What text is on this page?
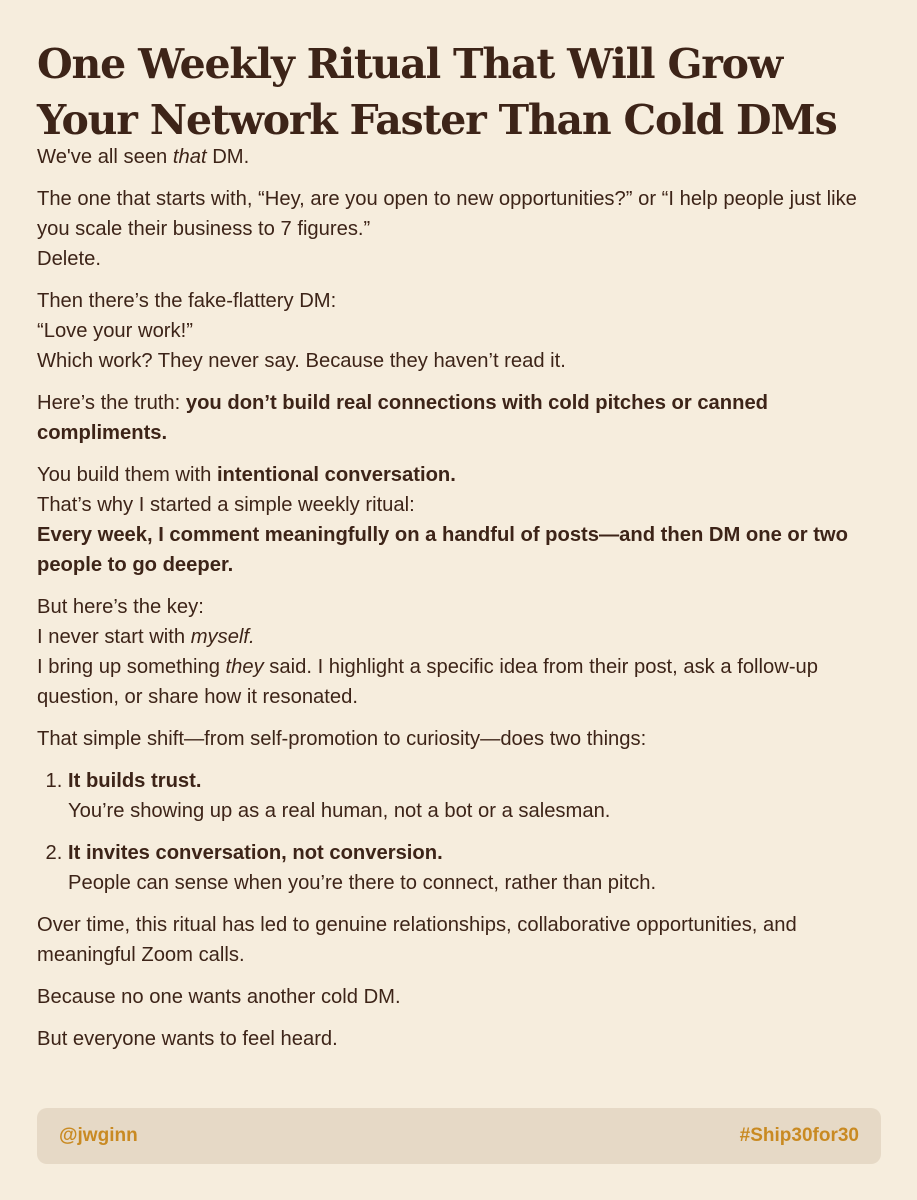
One Weekly Ritual That Will Grow Your Network Faster Than Cold DMs

We've all seen that DM.

The one that starts with, “Hey, are you open to new opportunities?” or “I help people just like you scale their business to 7 figures.”
Delete.

Then there’s the fake-flattery DM:
“Love your work!”
Which work? They never say. Because they haven’t read it.

Here’s the truth: you don’t build real connections with cold pitches or canned compliments.

You build them with intentional conversation.
That’s why I started a simple weekly ritual:
Every week, I comment meaningfully on a handful of posts—and then DM one or two people to go deeper.

But here’s the key:
I never start with myself.
I bring up something they said. I highlight a specific idea from their post, ask a follow-up question, or share how it resonated.

That simple shift—from self-promotion to curiosity—does two things:

1. It builds trust.
You’re showing up as a real human, not a bot or a salesman.
2. It invites conversation, not conversion.
People can sense when you’re there to connect, rather than pitch.

Over time, this ritual has led to genuine relationships, collaborative opportunities, and meaningful Zoom calls.

Because no one wants another cold DM.

But everyone wants to feel heard.

@jwginn	#Ship30for30
